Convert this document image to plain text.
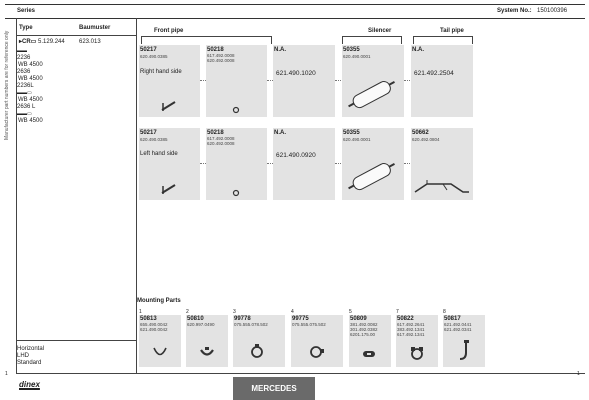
Series	System No.: 150100396
Manufacturer part numbers are for reference only
Type	Baumuster
▸CR▭ 5.129.244 623.013
▬▬
2236
WB 4500
2636
WB 4500
2236L
▬▬▭
WB 4500
2636 L
▬▬▭
WB 4500
Horizontal
LHD
Standard
Front pipe	Silencer	Tail pipe
50217
620.490.0385
Right hand side
50218
617.492.0008
620.492.0008
N.A.
621.490.1020
50355
620.490.0001
N.A.
621.492.2504
50217
620.490.0385
Left hand side
50218
617.492.0008
620.492.0008
N.A.
621.490.0920
50355
620.490.0001
50662
620.492.0804
Mounting Parts
1
50813
655.490.0042
621.490.0042
2
50810
620.997.0490
3
99778
075.555.078.502
4
99775
075.555.075.502
5
50809
381.492.0082
301.492.0382
6201.175.00
7
50822
617.492.2641
383.492.1341
617.492.1341
8
50817
621.492.0441
621.492.0341
1	1
dinex	MERCEDES
